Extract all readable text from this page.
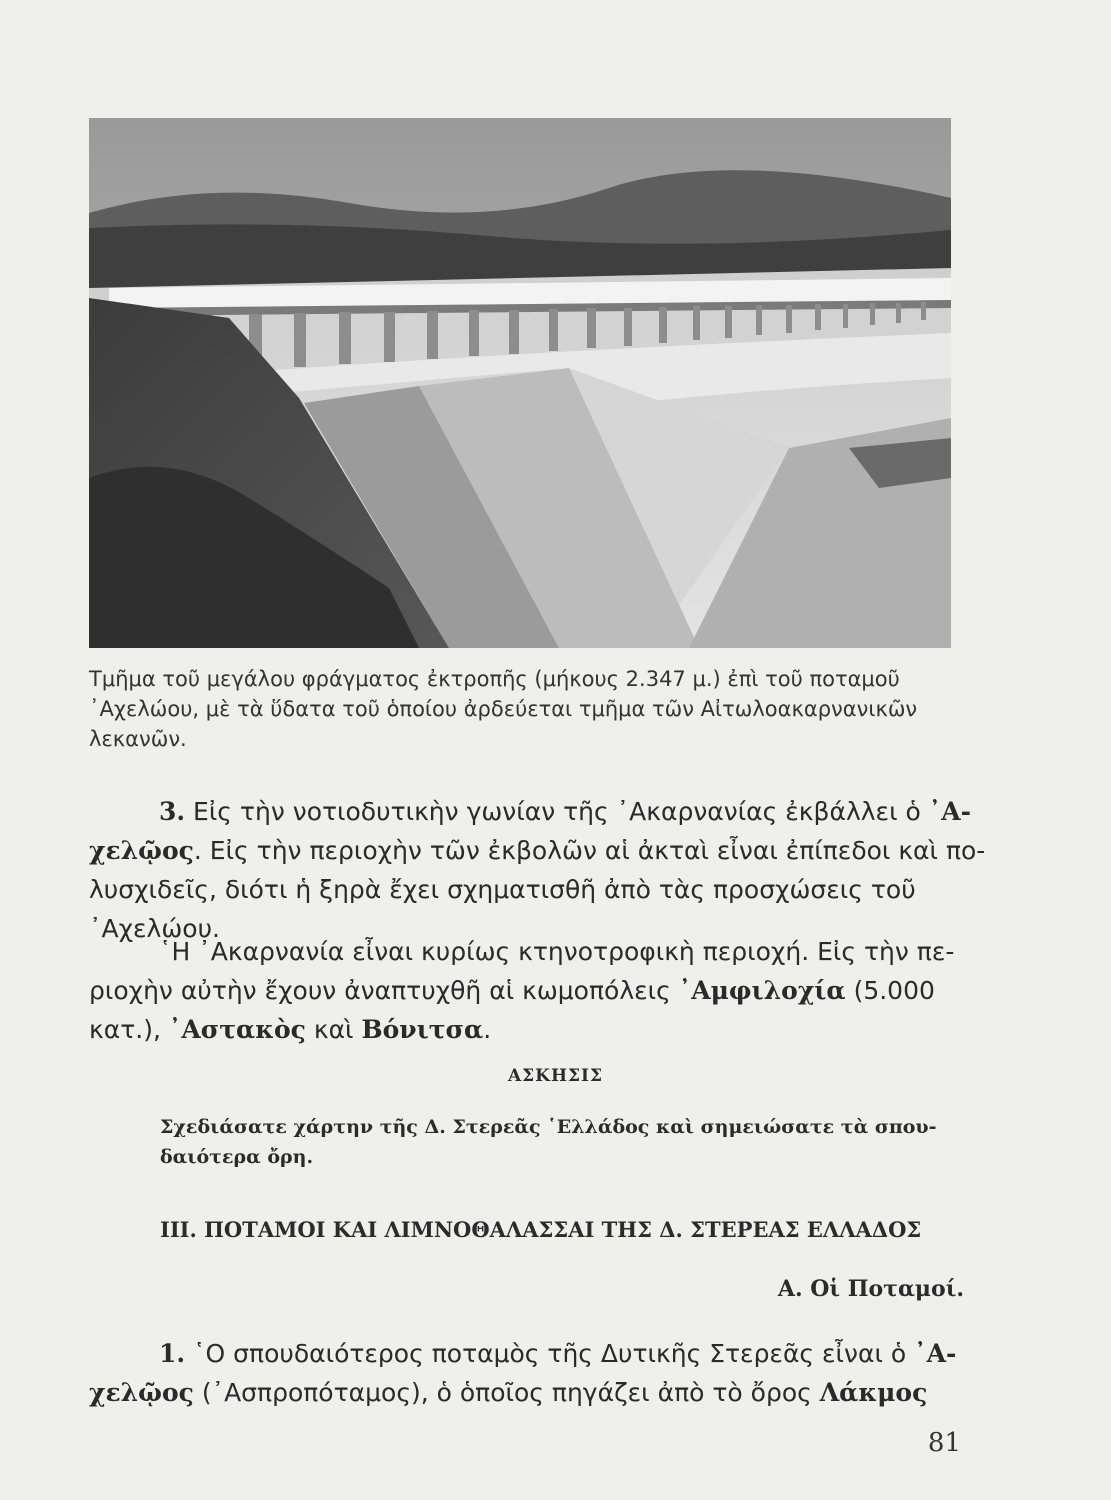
Τμῆμα τοῦ μεγάλου φράγματος ἐκτροπῆς (μήκους 2.347 μ.) ἐπὶ τοῦ ποταμοῦ

᾿Αχελώου, μὲ τὰ ὕδατα τοῦ ὁποίου ἀρδεύεται τμῆμα τῶν Αἰτωλοακαρνανικῶν

λεκανῶν.

3. Εἰς τὴν νοτιοδυτικὴν γωνίαν τῆς ᾿Ακαρνανίας ἐκβάλλει ὁ ᾿Α-

χελῷος. Εἰς τὴν περιοχὴν τῶν ἐκβολῶν αἱ ἀκταὶ εἶναι ἐπίπεδοι καὶ πο-

λυσχιδεῖς, διότι ἡ ξηρὰ ἔχει σχηματισθῆ ἀπὸ τὰς προσχώσεις τοῦ

᾿Αχελώου.

῾Η ᾿Ακαρνανία εἶναι κυρίως κτηνοτροφικὴ περιοχή. Εἰς τὴν πε-

ριοχὴν αὐτὴν ἔχουν ἀναπτυχθῆ αἱ κωμοπόλεις ᾿Αμφιλοχία (5.000

κατ.), ᾿Αστακὸς καὶ Βόνιτσα.

ΑΣΚΗΣΙΣ

Σχεδιάσατε χάρτην τῆς Δ. Στερεᾶς ῾Ελλάδος καὶ σημειώσατε τὰ σπου-

δαιότερα ὄρη.

ΙΙΙ. ΠΟΤΑΜΟΙ ΚΑΙ ΛΙΜΝΟΘΑΛΑΣΣΑΙ ΤΗΣ Δ. ΣΤΕΡΕΑΣ ΕΛΛΑΔΟΣ
Α. Οἱ Ποταμοί.

1. ῾Ο σπουδαιότερος ποταμὸς τῆς Δυτικῆς Στερεᾶς εἶναι ὁ ᾿Α-

χελῷος (᾿Ασπροπόταμος), ὁ ὁποῖος πηγάζει ἀπὸ τὸ ὄρος Λάκμος

81
